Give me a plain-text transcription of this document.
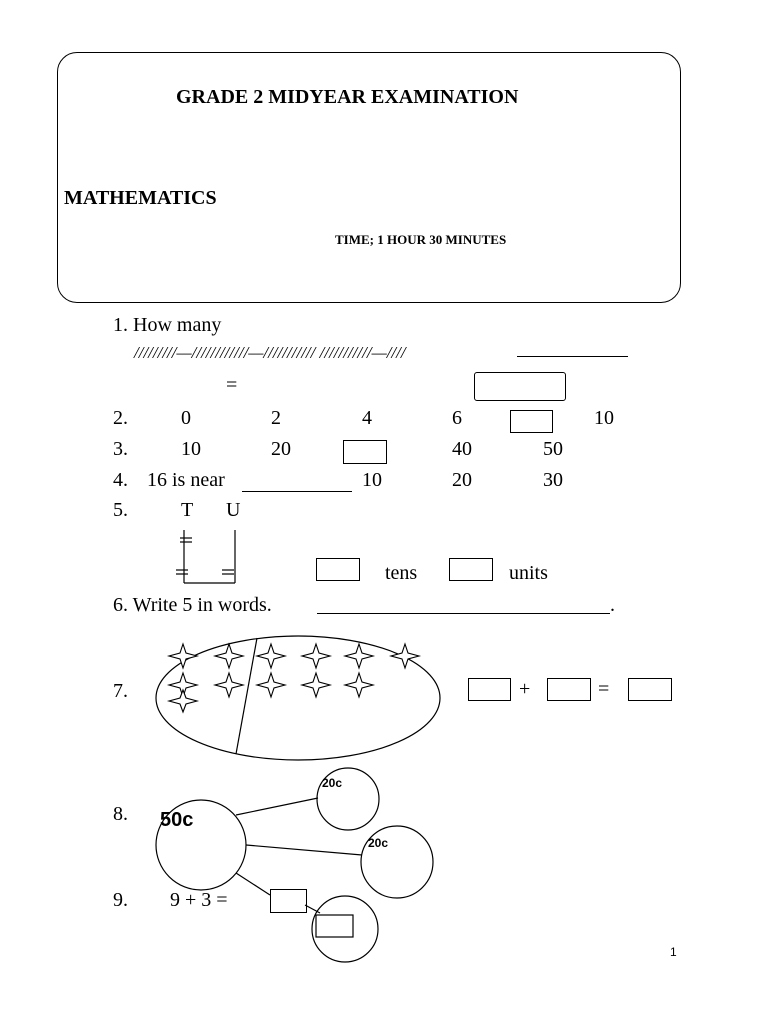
GRADE 2 MIDYEAR EXAMINATION
MATHEMATICS
TIME; 1 HOUR 30 MINUTES
1. How many
/////////—////////////—/////////// ///////////—////
=
2.	0	2	4	6	10
3.	10	20	40	50
4. 16 is near	10	20	30
5.	T U
tens	units
6. Write 5 in words.	.
7.	+	=
8.
9. 9 + 3 =
50c
20c
20c
1
